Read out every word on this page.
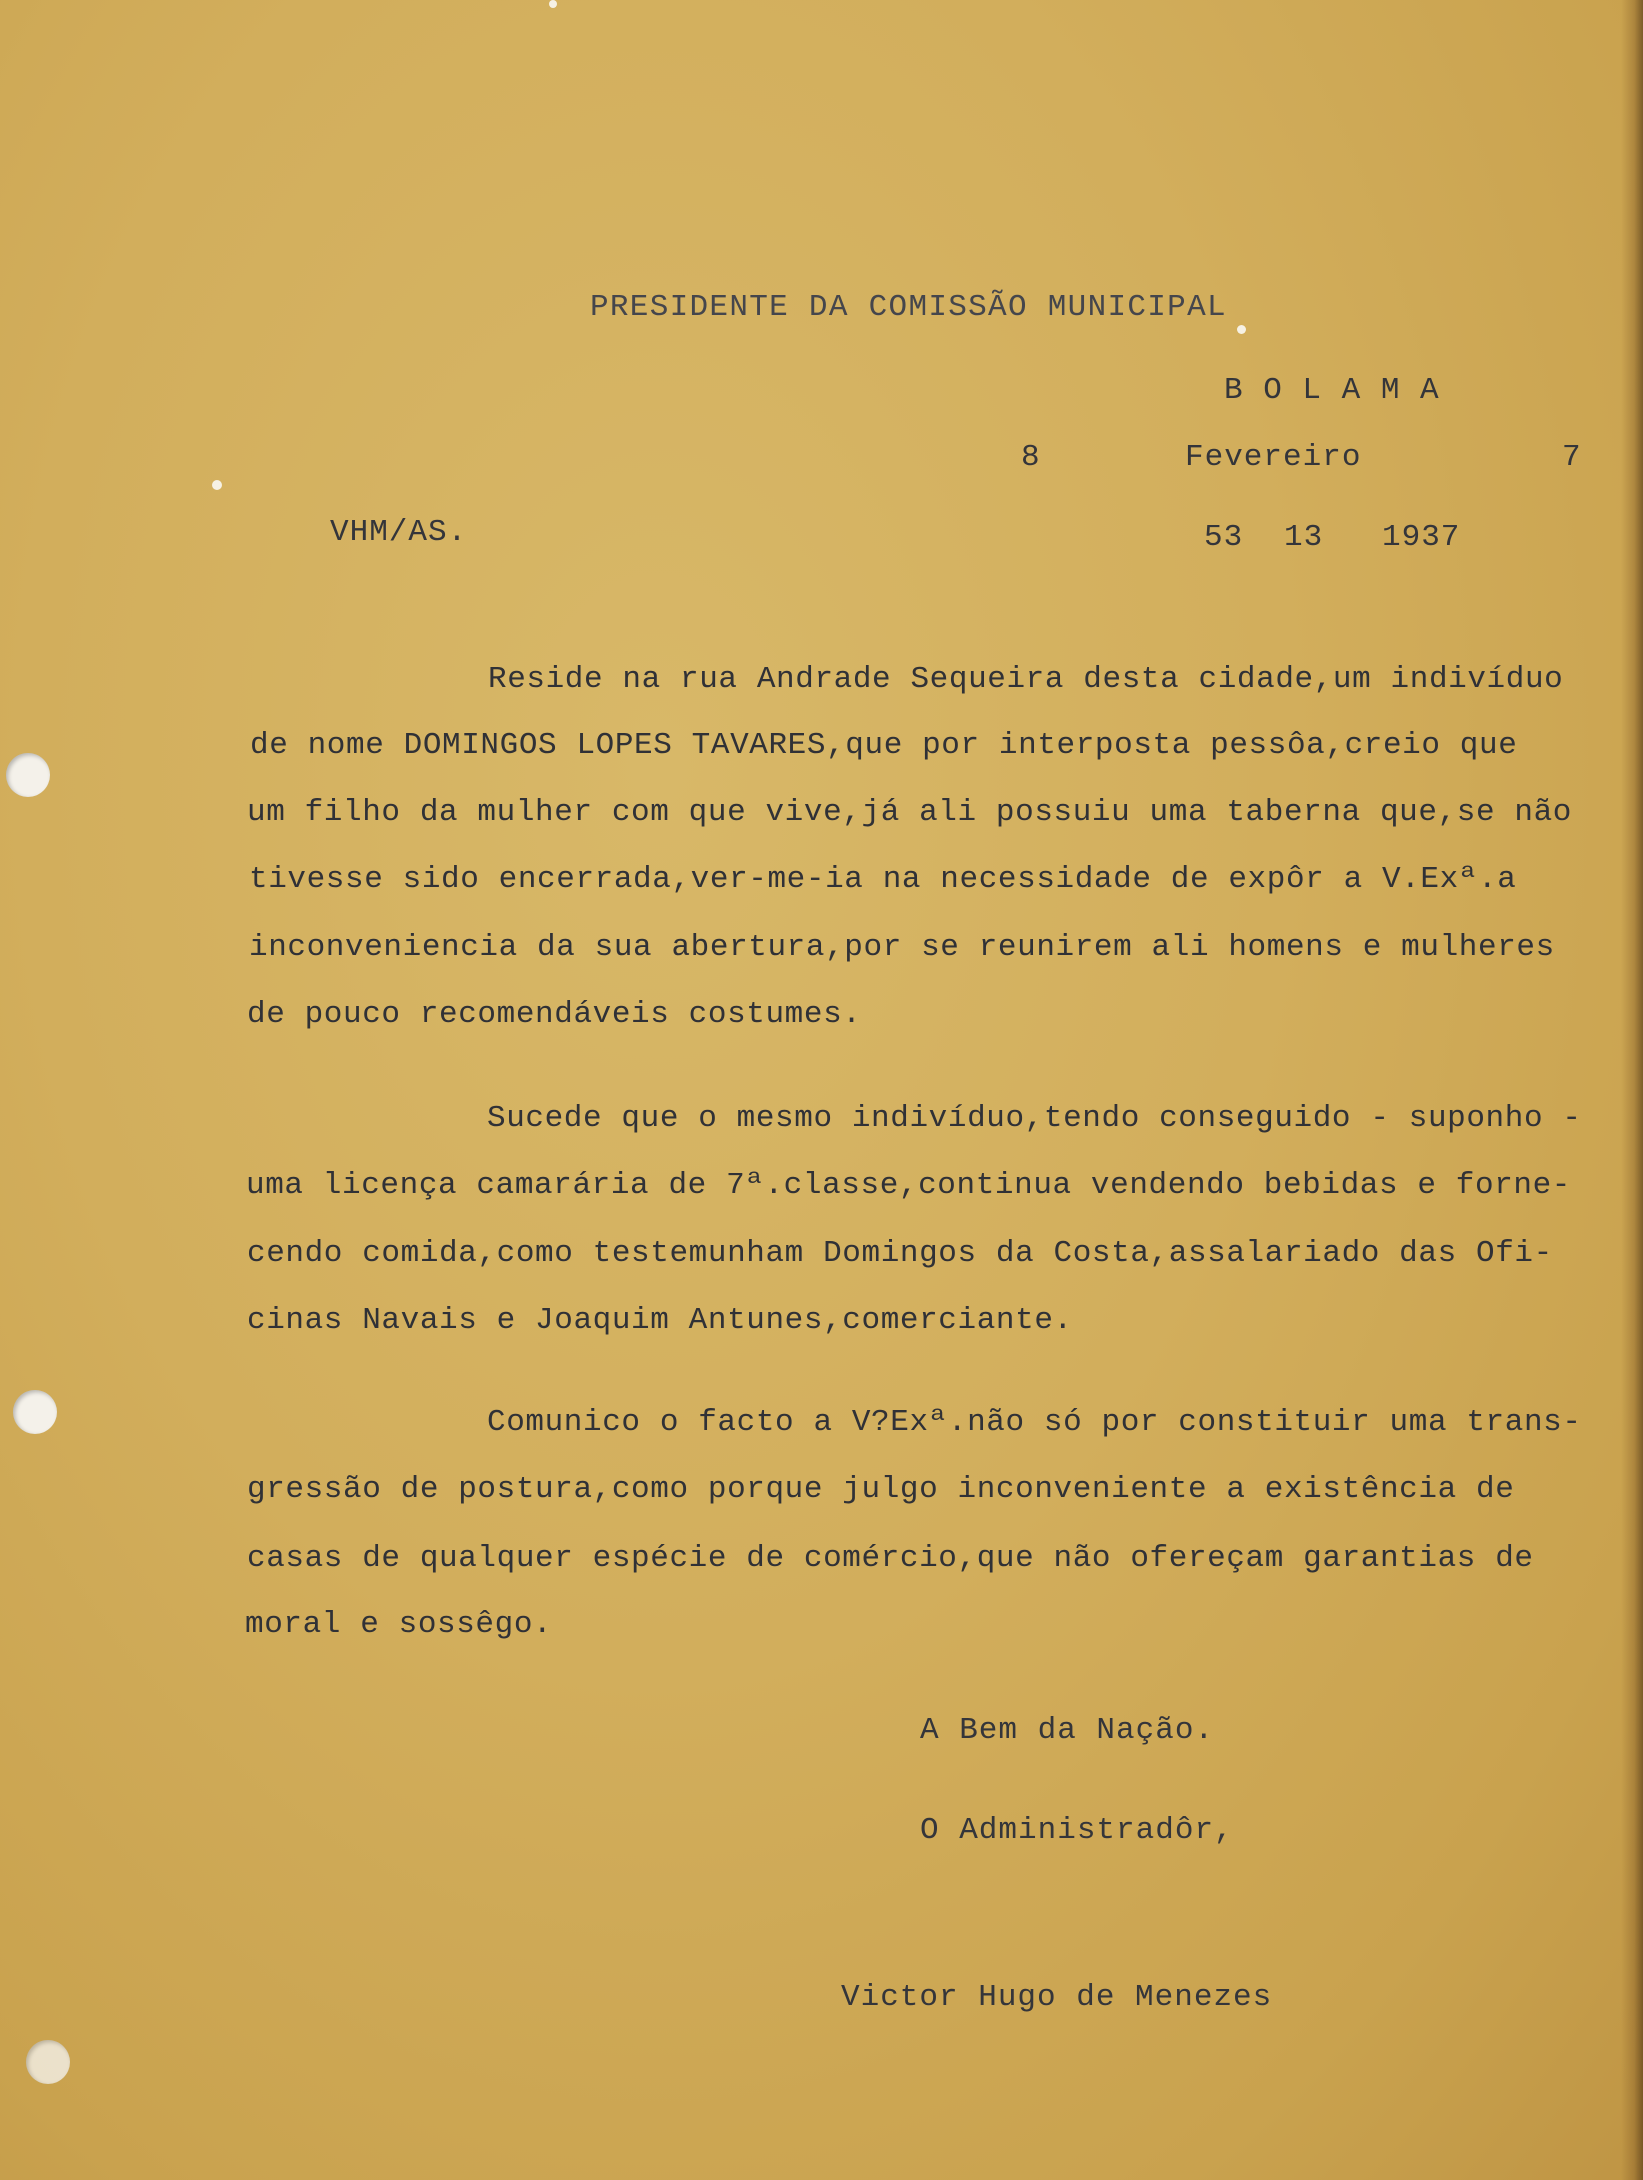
PRESIDENTE DA COMISSÃO MUNICIPAL
B O L A M A
8	Fevereiro	7
VHM/AS.	53 13 1937
Reside na rua Andrade Sequeira desta cidade,um indivíduo
de nome DOMINGOS LOPES TAVARES,que por interposta pessôa,creio que
um filho da mulher com que vive,já ali possuiu uma taberna que,se não
tivesse sido encerrada,ver-me-ia na necessidade de expôr a V.Exª.a
inconveniencia da sua abertura,por se reunirem ali homens e mulheres
de pouco recomendáveis costumes.
Sucede que o mesmo indivíduo,tendo conseguido - suponho -
uma licença camarária de 7ª.classe,continua vendendo bebidas e forne-
cendo comida,como testemunham Domingos da Costa,assalariado das Ofi-
cinas Navais e Joaquim Antunes,comerciante.
Comunico o facto a V?Exª.não só por constituir uma trans-
gressão de postura,como porque julgo inconveniente a existência de
casas de qualquer espécie de comércio,que não ofereçam garantias de
moral e sossêgo.
A Bem da Nação.
O Administradôr,
Victor Hugo de Menezes
